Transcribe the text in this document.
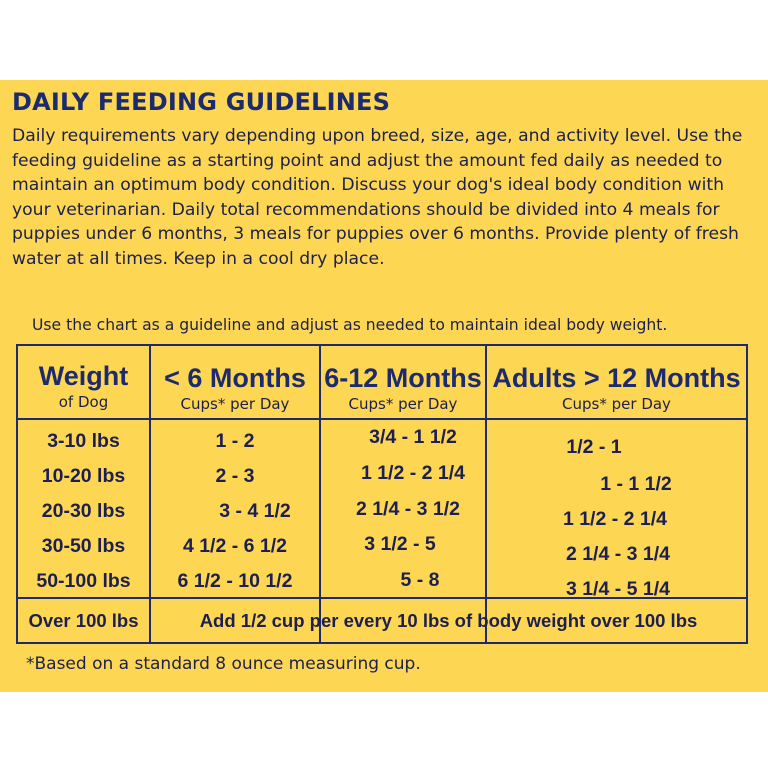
DAILY FEEDING GUIDELINES
Daily requirements vary depending upon breed, size, age, and activity level. Use the feeding guideline as a starting point and adjust the amount fed daily as needed to maintain an optimum body condition. Discuss your dog's ideal body condition with your veterinarian. Daily total recommendations should be divided into 4 meals for puppies under 6 months, 3 meals for puppies over 6 months. Provide plenty of fresh water at all times. Keep in a cool dry place.
Use the chart as a guideline and adjust as needed to maintain ideal body weight.
Weight
of Dog
< 6 Months
Cups* per Day
6-12 Months
Cups* per Day
Adults > 12 Months
Cups* per Day
3-10 lbs
10-20 lbs
20-30 lbs
30-50 lbs
50-100 lbs
1 - 2
2 - 3
3 - 4 1/2
4 1/2 - 6 1/2
6 1/2 - 10 1/2
3/4 - 1 1/2
1 1/2 - 2 1/4
2 1/4 - 3 1/2
3 1/2 - 5
5 - 8
1/2 - 1
1 - 1 1/2
1 1/2 - 2 1/4
2 1/4 - 3 1/4
3 1/4 - 5 1/4
Over 100 lbs	Add 1/2 cup per every 10 lbs of body weight over 100 lbs
*Based on a standard 8 ounce measuring cup.
